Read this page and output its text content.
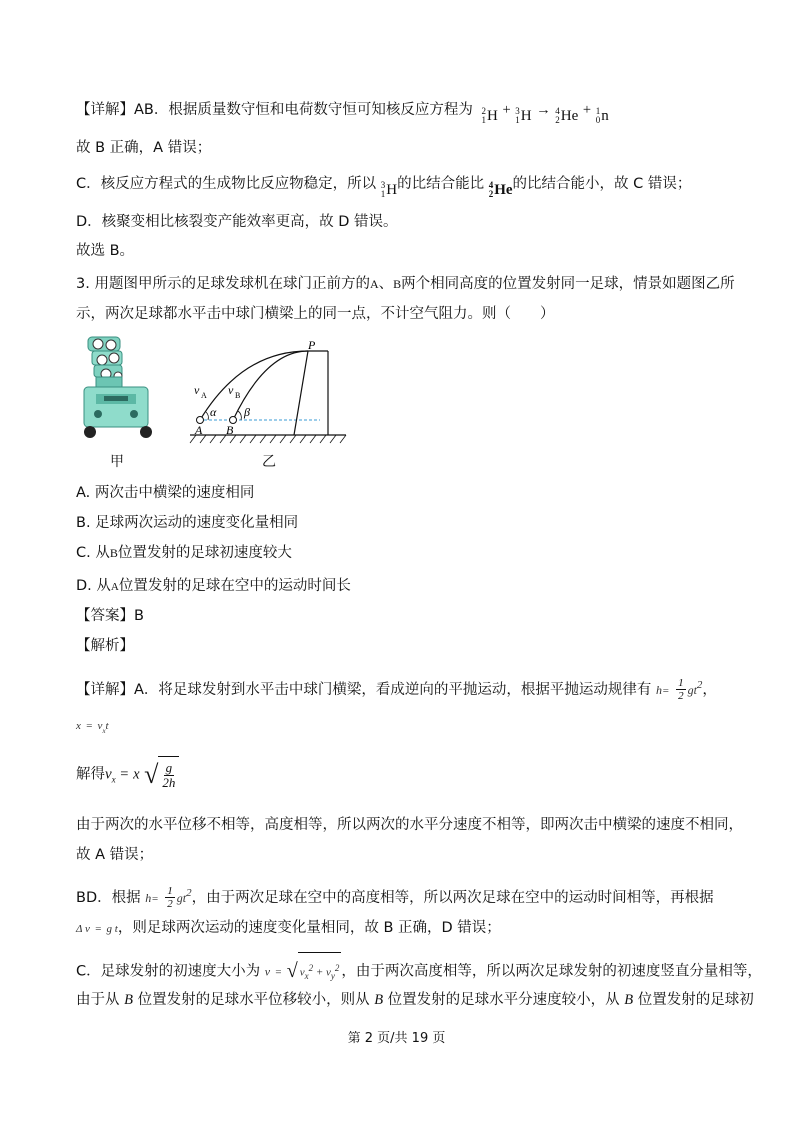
【详解】AB．根据质量数守恒和电荷数守恒可知核反应方程为 2
1 H + 3
1 H → 4
2 He + 1
0 n
故 B 正确，A 错误；
C．核反应方程式的生成物比反应物稳定，所以 3
1 H 的比结合能比 4
2 He 的比结合能小，故 C 错误；
D．核聚变相比核裂变产能效率更高，故 D 错误。
故选 B。
3. 用题图甲所示的足球发球机在球门正前方的A、B两个相同高度的位置发射同一足球，情景如题图乙所
示，两次足球都水平击中球门横梁上的同一点，不计空气阻力。则（　　）
甲
P
v A v B
α β
A B
乙
A. 两次击中横梁的速度相同
B. 足球两次运动的速度变化量相同
C. 从B位置发射的足球初速度较大
D. 从A位置发射的足球在空中的运动时间长
【答案】B
【解析】
【详解】A．将足球发射到水平击中球门横梁，看成逆向的平抛运动，根据平抛运动规律有 $h= \frac{1}{2} gt^2$，
$x = v_xt$
解得$v_x = x$ √ $\frac{g}{2h}$
由于两次的水平位移不相等，高度相等，所以两次的水平分速度不相等，即两次击中横梁的速度不相同，
故 A 错误；
BD．根据 $h= \frac{1}{2} gt^2$，由于两次足球在空中的高度相等，所以两次足球在空中的运动时间相等，再根据
Δ v = g t，则足球两次运动的速度变化量相同，故 B 正确，D 错误；
C．足球发射的初速度大小为 v = √ $v_x^2 + v_y^2$ ，由于两次高度相等，所以两次足球发射的初速度竖直分量相等，
由于从 B 位置发射的足球水平位移较小，则从 B 位置发射的足球水平分速度较小，从 B 位置发射的足球初
第 2 页/共 19 页
